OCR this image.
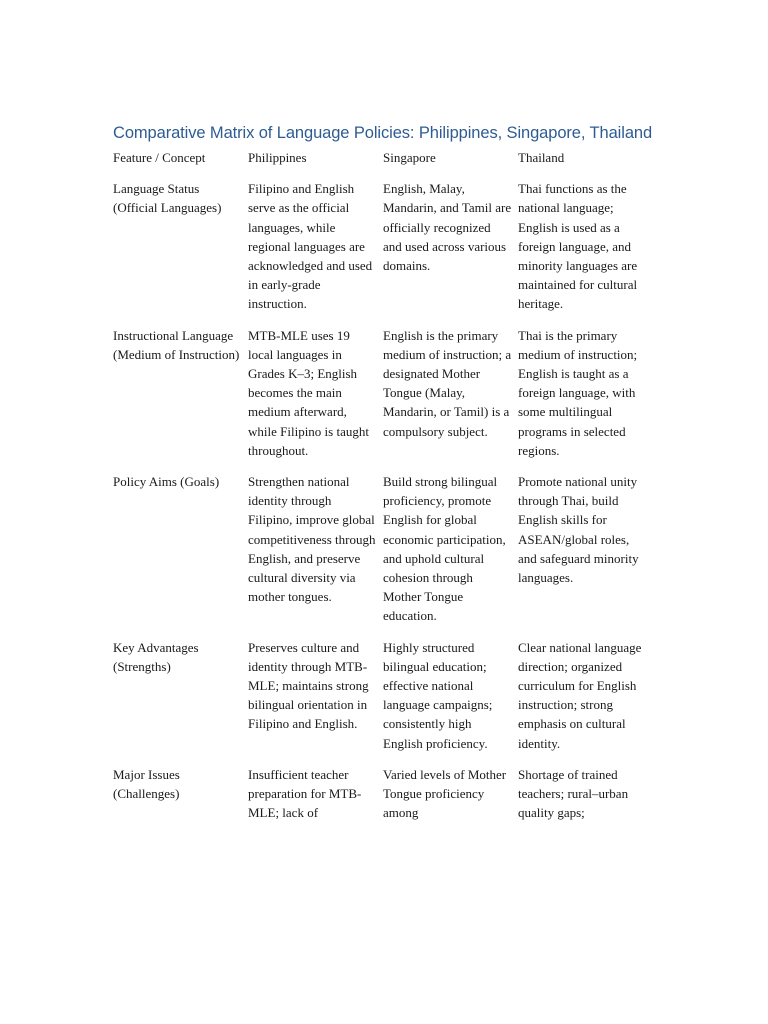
Comparative Matrix of Language Policies: Philippines, Singapore, Thailand
Feature / Concept	Philippines	Singapore	Thailand
Language Status (Official Languages)	Filipino and English serve as the official languages, while regional languages are acknowledged and used in early-grade instruction.	English, Malay, Mandarin, and Tamil are officially recognized and used across various domains.	Thai functions as the national language; English is used as a foreign language, and minority languages are maintained for cultural heritage.
Instructional Language (Medium of Instruction)	MTB-MLE uses 19 local languages in Grades K–3; English becomes the main medium afterward, while Filipino is taught throughout.	English is the primary medium of instruction; a designated Mother Tongue (Malay, Mandarin, or Tamil) is a compulsory subject.	Thai is the primary medium of instruction; English is taught as a foreign language, with some multilingual programs in selected regions.
Policy Aims (Goals)	Strengthen national identity through Filipino, improve global competitiveness through English, and preserve cultural diversity via mother tongues.	Build strong bilingual proficiency, promote English for global economic participation, and uphold cultural cohesion through Mother Tongue education.	Promote national unity through Thai, build English skills for ASEAN/global roles, and safeguard minority languages.
Key Advantages (Strengths)	Preserves culture and identity through MTB-MLE; maintains strong bilingual orientation in Filipino and English.	Highly structured bilingual education; effective national language campaigns; consistently high English proficiency.	Clear national language direction; organized curriculum for English instruction; strong emphasis on cultural identity.
Major Issues (Challenges)	Insufficient teacher preparation for MTB-MLE; lack of	Varied levels of Mother Tongue proficiency among	Shortage of trained teachers; rural–urban quality gaps;
